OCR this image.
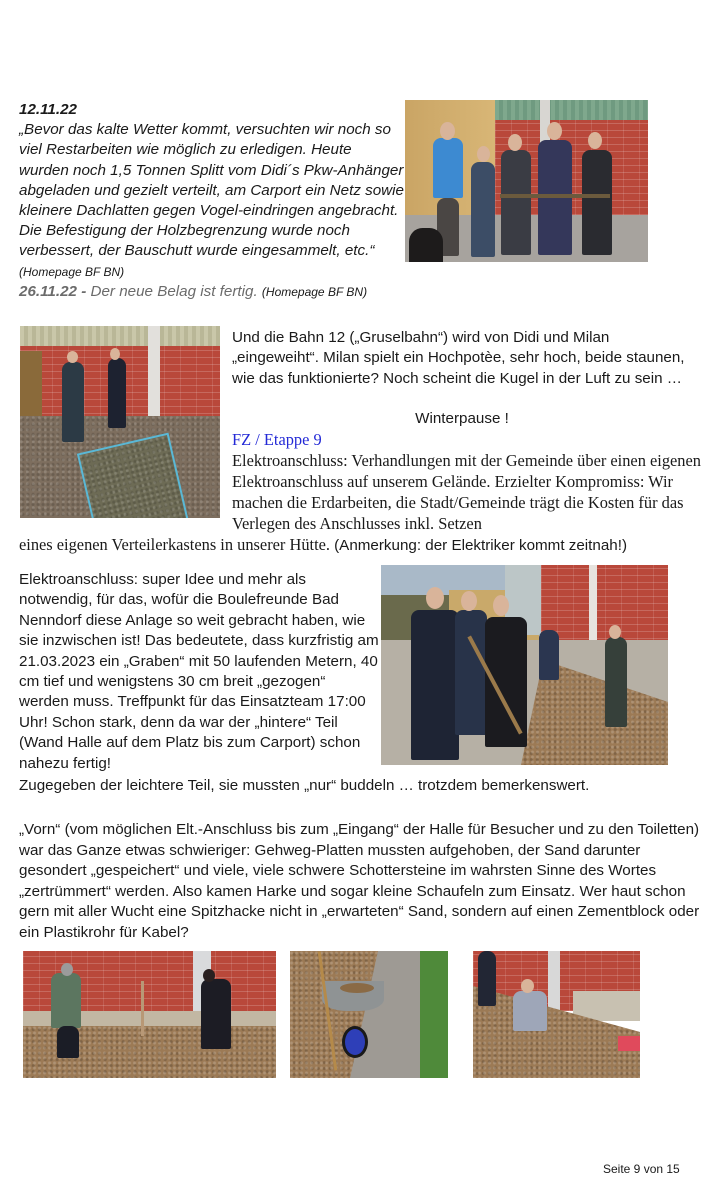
12.11.22
„Bevor das kalte Wetter kommt, versuchten wir noch so viel Restarbeiten wie möglich zu erledigen. Heute wurden noch 1,5 Tonnen Splitt vom Didi´s Pkw-Anhänger abgeladen und gezielt verteilt, am Carport ein Netz sowie kleinere Dachlatten gegen Vogel-eindringen angebracht. Die Befestigung der Holzbegrenzung wurde noch verbessert, der Bauschutt wurde eingesammelt, etc.“ (Homepage BF BN)
26.11.22 - Der neue Belag ist fertig. (Homepage BF BN)
Und die Bahn 12 („Gruselbahn“) wird von Didi und Milan „eingeweiht“. Milan spielt ein Hochpotèe, sehr hoch, beide staunen, wie das funktionierte? Noch scheint die Kugel in der Luft zu sein …
Winterpause !
FZ / Etappe 9
Elektroanschluss: Verhandlungen mit der Gemeinde über einen eigenen Elektroanschluss auf unserem Gelände. Erzielter Kompromiss: Wir machen die Erdarbeiten, die Stadt/Gemeinde trägt die Kosten für das Verlegen des Anschlusses inkl. Setzen
eines eigenen Verteilerkastens in unserer Hütte. (Anmerkung: der Elektriker kommt zeitnah!)
Elektroanschluss: super Idee und mehr als notwendig, für das, wofür die Boulefreunde Bad Nenndorf diese Anlage so weit gebracht haben, wie sie inzwischen ist! Das bedeutete, dass kurzfristig am 21.03.2023 ein „Graben“ mit 50 laufenden Metern, 40 cm tief und wenigstens 30 cm breit „gezogen“ werden muss. Treffpunkt für das Einsatzteam 17:00 Uhr! Schon stark, denn da war der „hintere“ Teil (Wand Halle auf dem Platz bis zum Carport) schon nahezu fertig!
Zugegeben der leichtere Teil, sie mussten „nur“ buddeln … trotzdem bemerkenswert.
„Vorn“ (vom möglichen Elt.-Anschluss bis zum „Eingang“ der Halle für Besucher und zu den Toiletten) war das Ganze etwas schwieriger: Gehweg-Platten mussten aufgehoben, der Sand darunter gesondert „gespeichert“ und viele, viele schwere Schottersteine im wahrsten Sinne des Wortes „zertrümmert“ werden. Also kamen Harke und sogar kleine Schaufeln zum Einsatz. Wer haut schon gern mit aller Wucht eine Spitzhacke nicht in „erwarteten“ Sand, sondern auf einen Zementblock oder ein Plastikrohr für Kabel?
Seite 9 von 15
